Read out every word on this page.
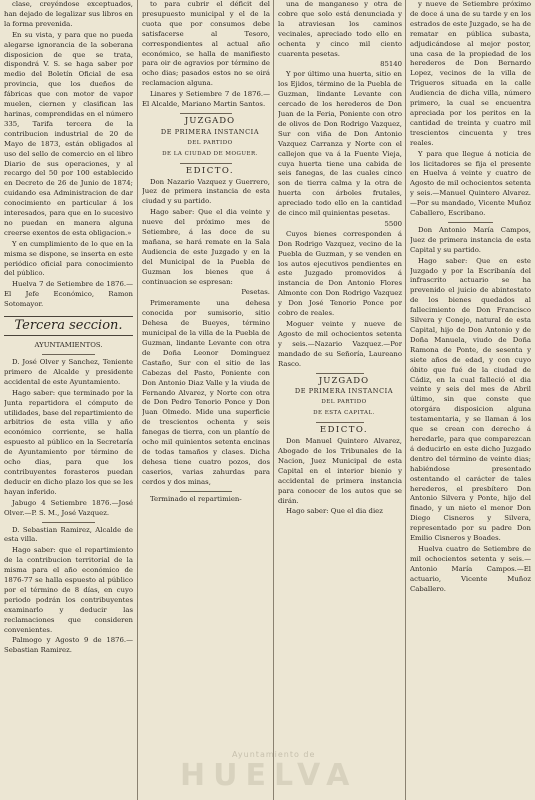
clase, creyéndose exceptuados, han dejado de legalizar sus libros en la forma prevenida.

En su vista, y para que no pueda alegarse ignorancia de la soberana disposicion de que se trata, dispondrá V. S. se haga saber por medio del Boletín Oficial de esa provincia, que los dueños de fábricas que con motor de vapor muelen, ciernen y clasifican las harinas, comprendidas en el número 335, Tarifa tercera de la contribucion industrial de 20 de Mayo de 1873, están obligados al uso del sello de comercio en el libro Diario de sus operaciones, y al recargo del 50 por 100 establecido en Decreto de 26 de Junio de 1874; cuidando esa Administracion de dar conocimiento en particular á los interesados, para que en lo sucesivo no puedan en manera alguna creerse exentos de esta obligacion.»

Y en cumplimiento de lo que en la misma se dispone, se inserta en este periódico oficial para conocimiento del público.

Huelva 7 de Setiembre de 1876.—El Jefe Económico, Ramon Sotomayor.

Tercera seccion.

AYUNTAMIENTOS.

D. José Olver y Sanchez, Teniente primero de Alcalde y presidente accidental de este Ayuntamiento.

Hago saber: que terminado por la Junta repartidora el cómputo de utilidades, base del repartimiento de arbitrios de esta villa y año económico corriente, se halla espuesto al público en la Secretaría de Ayuntamiento por término de ocho dias, para que los contribuyentes forasteros puedan deducir en dicho plazo los que se les hayan inferido.

Jabugo 4 Setiembre 1876.—José Olver.—P. S. M., José Vazquez.

D. Sebastian Ramirez, Alcalde de esta villa.

Hago saber: que el repartimiento de la contribucion territorial de la misma para el año económico de 1876-77 se halla espuesto al público por el término de 8 días, en cuyo periodo podrán los contribuyentes examinarlo y deducir las reclamaciones que consideren convenientes.

Palmogo y Agosto 9 de 1876.—Sebastian Ramirez.

to para cubrir el déficit del presupuesto municipal y el de la cuota que por consumos debe satisfacerse al Tesoro, correspondientes al actual año económico, se halla de manifiesto para oir de agravios por término de ocho dias; pasados estos no se oirá reclamacion alguna.

Linares y Setiembre 7 de 1876.—El Alcalde, Mariano Martin Santos.

JUZGADO

DE PRIMERA INSTANCIA

DEL PARTIDO

DE LA CIUDAD DE MOGUER.

EDICTO.

Don Nazario Vazquez y Guerrero, Juez de primera instancia de esta ciudad y su partido.

Hago saber: Que el dia veinte y nueve del próximo mes de Setiembre, á las doce de su mañana, se hará remate en la Sala Audiencia de este Juzgado y en la del Municipal de la Puebla de Guzman los bienes que á continuacion se espresan:

Pesetas.

Primeramente una dehesa conocida por sumisorio, sitio Dehesa de Bueyes, término municipal de la villa de la Puebla de Guzman, lindante Levante con otra de Doña Leonor Dominguez Castaño, Sur con el sitio de las Cabezas del Pasto, Poniente con Don Antonio Diaz Valle y la viuda de Fernando Alvarez, y Norte con otra de Don Pedro Tenorio Ponce y Don Juan Olmedo. Mide una superficie de trescientos ochenta y seis fanegas de tierra, con un plantío de ocho mil quinientos setenta encinas de todas tamaños y clases. Dicha dehesa tiene cuatro pozos, dos caserios, varias zahurdas para cerdos y dos minas,

Terminado el repartimien-

una de manganeso y otra de cobre que solo está denunciada y la atraviesan los caminos vecinales, apreciado todo ello en ochenta y cinco mil ciento cuarenta pesetas.

85140

Y por último una huerta, sitio en los Ejidos, término de la Puebla de Guzman, lindante Levante con cercado de los herederos de Don Juan de la Feria, Poniente con otro de olivos de Don Rodrigo Vazquez, Sur con viña de Don Antonio Vazquez Carranza y Norte con el callejon que va á la Fuente Vieja, cuya huerta tiene una cabida de seis fanegas, de las cuales cinco son de tierra calma y la otra de huerta con árboles frutales, apreciado todo ello en la cantidad de cinco mil quinientas pesetas.

5500

Cuyos bienes corresponden á Don Rodrigo Vazquez, vecino de la Puebla de Guzman, y se venden en los autos ejecutivos pendientes en este Juzgado promovidos á instancia de Don Antonio Flores Almonte con Don Rodrigo Vazquez y Don José Tenorio Ponce por cobro de reales.

Moguer veinte y nueve de Agosto de mil ochocientos setenta y seis.—Nazario Vazquez.—Por mandado de su Señoría, Laureano Rasco.

JUZGADO

DE PRIMERA INSTANCIA

DEL PARTIDO

DE ESTA CAPITAL.

EDICTO.

Don Manuel Quintero Alvarez, Abogado de los Tribunales de la Nacion, Juez Municipal de esta Capital en el interior bienio y accidental de primera instancia para conocer de los autos que se dirán.

Hago saber: Que el dia diez

y nueve de Setiembre próximo de doce á una de su tarde y en los estrados de este Juzgado, se ha de rematar en pública subasta, adjudicándose al mejor postor, una casa de la propiedad de los herederos de Don Bernardo Lopez, vecinos de la villa de Trigueros situada en la calle Audiencia de dicha villa, número primero, la cual se encuentra apreciada por los peritos en la cantidad de treinta y cuatro mil trescientos cincuenta y tres reales.

Y para que llegue á noticia de los licitadores se fija el presente en Huelva á veinte y cuatro de Agosto de mil ochocientos setenta y seis.—Manuel Quintero Alvarez.—Por su mandado, Vicente Muñoz Caballero, Escribano.

Don Antonio María Campos, Juez de primera instancia de esta Capital y su partido.

Hago saber: Que en este Juzgado y por la Escribanía del infrascrito actuario se ha prevenido el juicio de abintestato de los bienes quedados al fallecimiento de Don Francisco Silvera y Conejo, natural de esta Capital, hijo de Don Antonio y de Doña Manuela, viudo de Doña Ramona de Ponte, de sesenta y siete años de edad, y con cuyo óbito que fué de la ciudad de Cádiz, en la cual falleció el dia veinte y seis del mes de Abril último, sin que conste que otorgára disposicion alguna testamentaria, y se llaman á los que se crean con derecho á heredarle, para que comparezcan á deducirlo en este dicho Juzgado dentro del término de veinte dias; habiéndose presentado ostentando el carácter de tales herederos, el presbítero Don Antonio Silvera y Ponte, hijo del finado, y un nieto el menor Don Diego Cisneros y Silvera, representado por su padre Don Emilio Cisneros y Boades.

Huelva cuatro de Setiembre de mil ochocientos setenta y seis.—Antonio María Campos.—El actuario, Vicente Muñoz Caballero.

Ayuntamiento de
HUELVA
